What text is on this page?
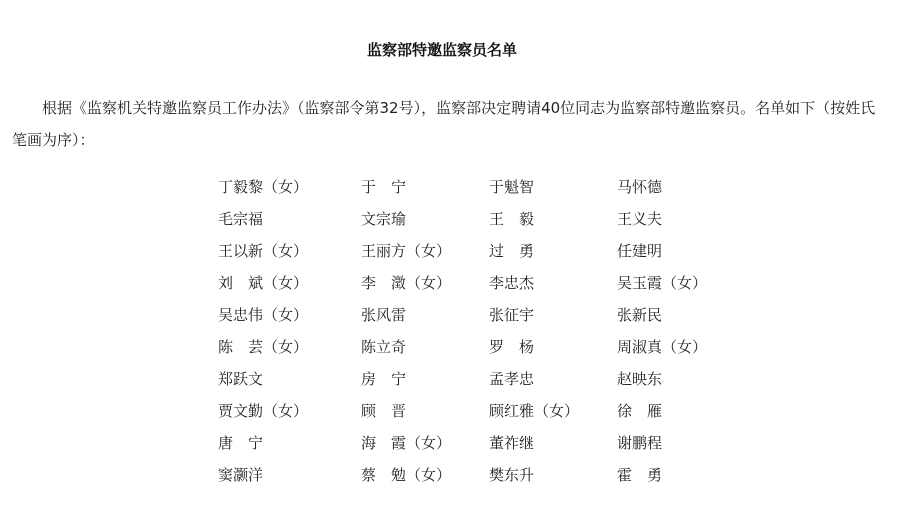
监察部特邀监察员名单

根据《监察机关特邀监察员工作办法》（监察部令第32号），监察部决定聘请40位同志为监察部特邀监察员。名单如下（按姓氏笔画为序）：

丁毅黎（女）	于　宁	于魁智	马怀德
毛宗福	文宗瑜	王　毅	王义夫
王以新（女）	王丽方（女）	过　勇	任建明
刘　斌（女）	李　澂（女）	李忠杰	吴玉霞（女）
吴忠伟（女）	张风雷	张征宇	张新民
陈　芸（女）	陈立奇	罗　杨	周淑真（女）
郑跃文	房　宁	孟孝忠	赵映东
贾文勤（女）	顾　晋	顾红雅（女）	徐　雁
唐　宁	海　霞（女）	董祚继	谢鹏程
窦灏洋	蔡　勉（女）	樊东升	霍　勇
